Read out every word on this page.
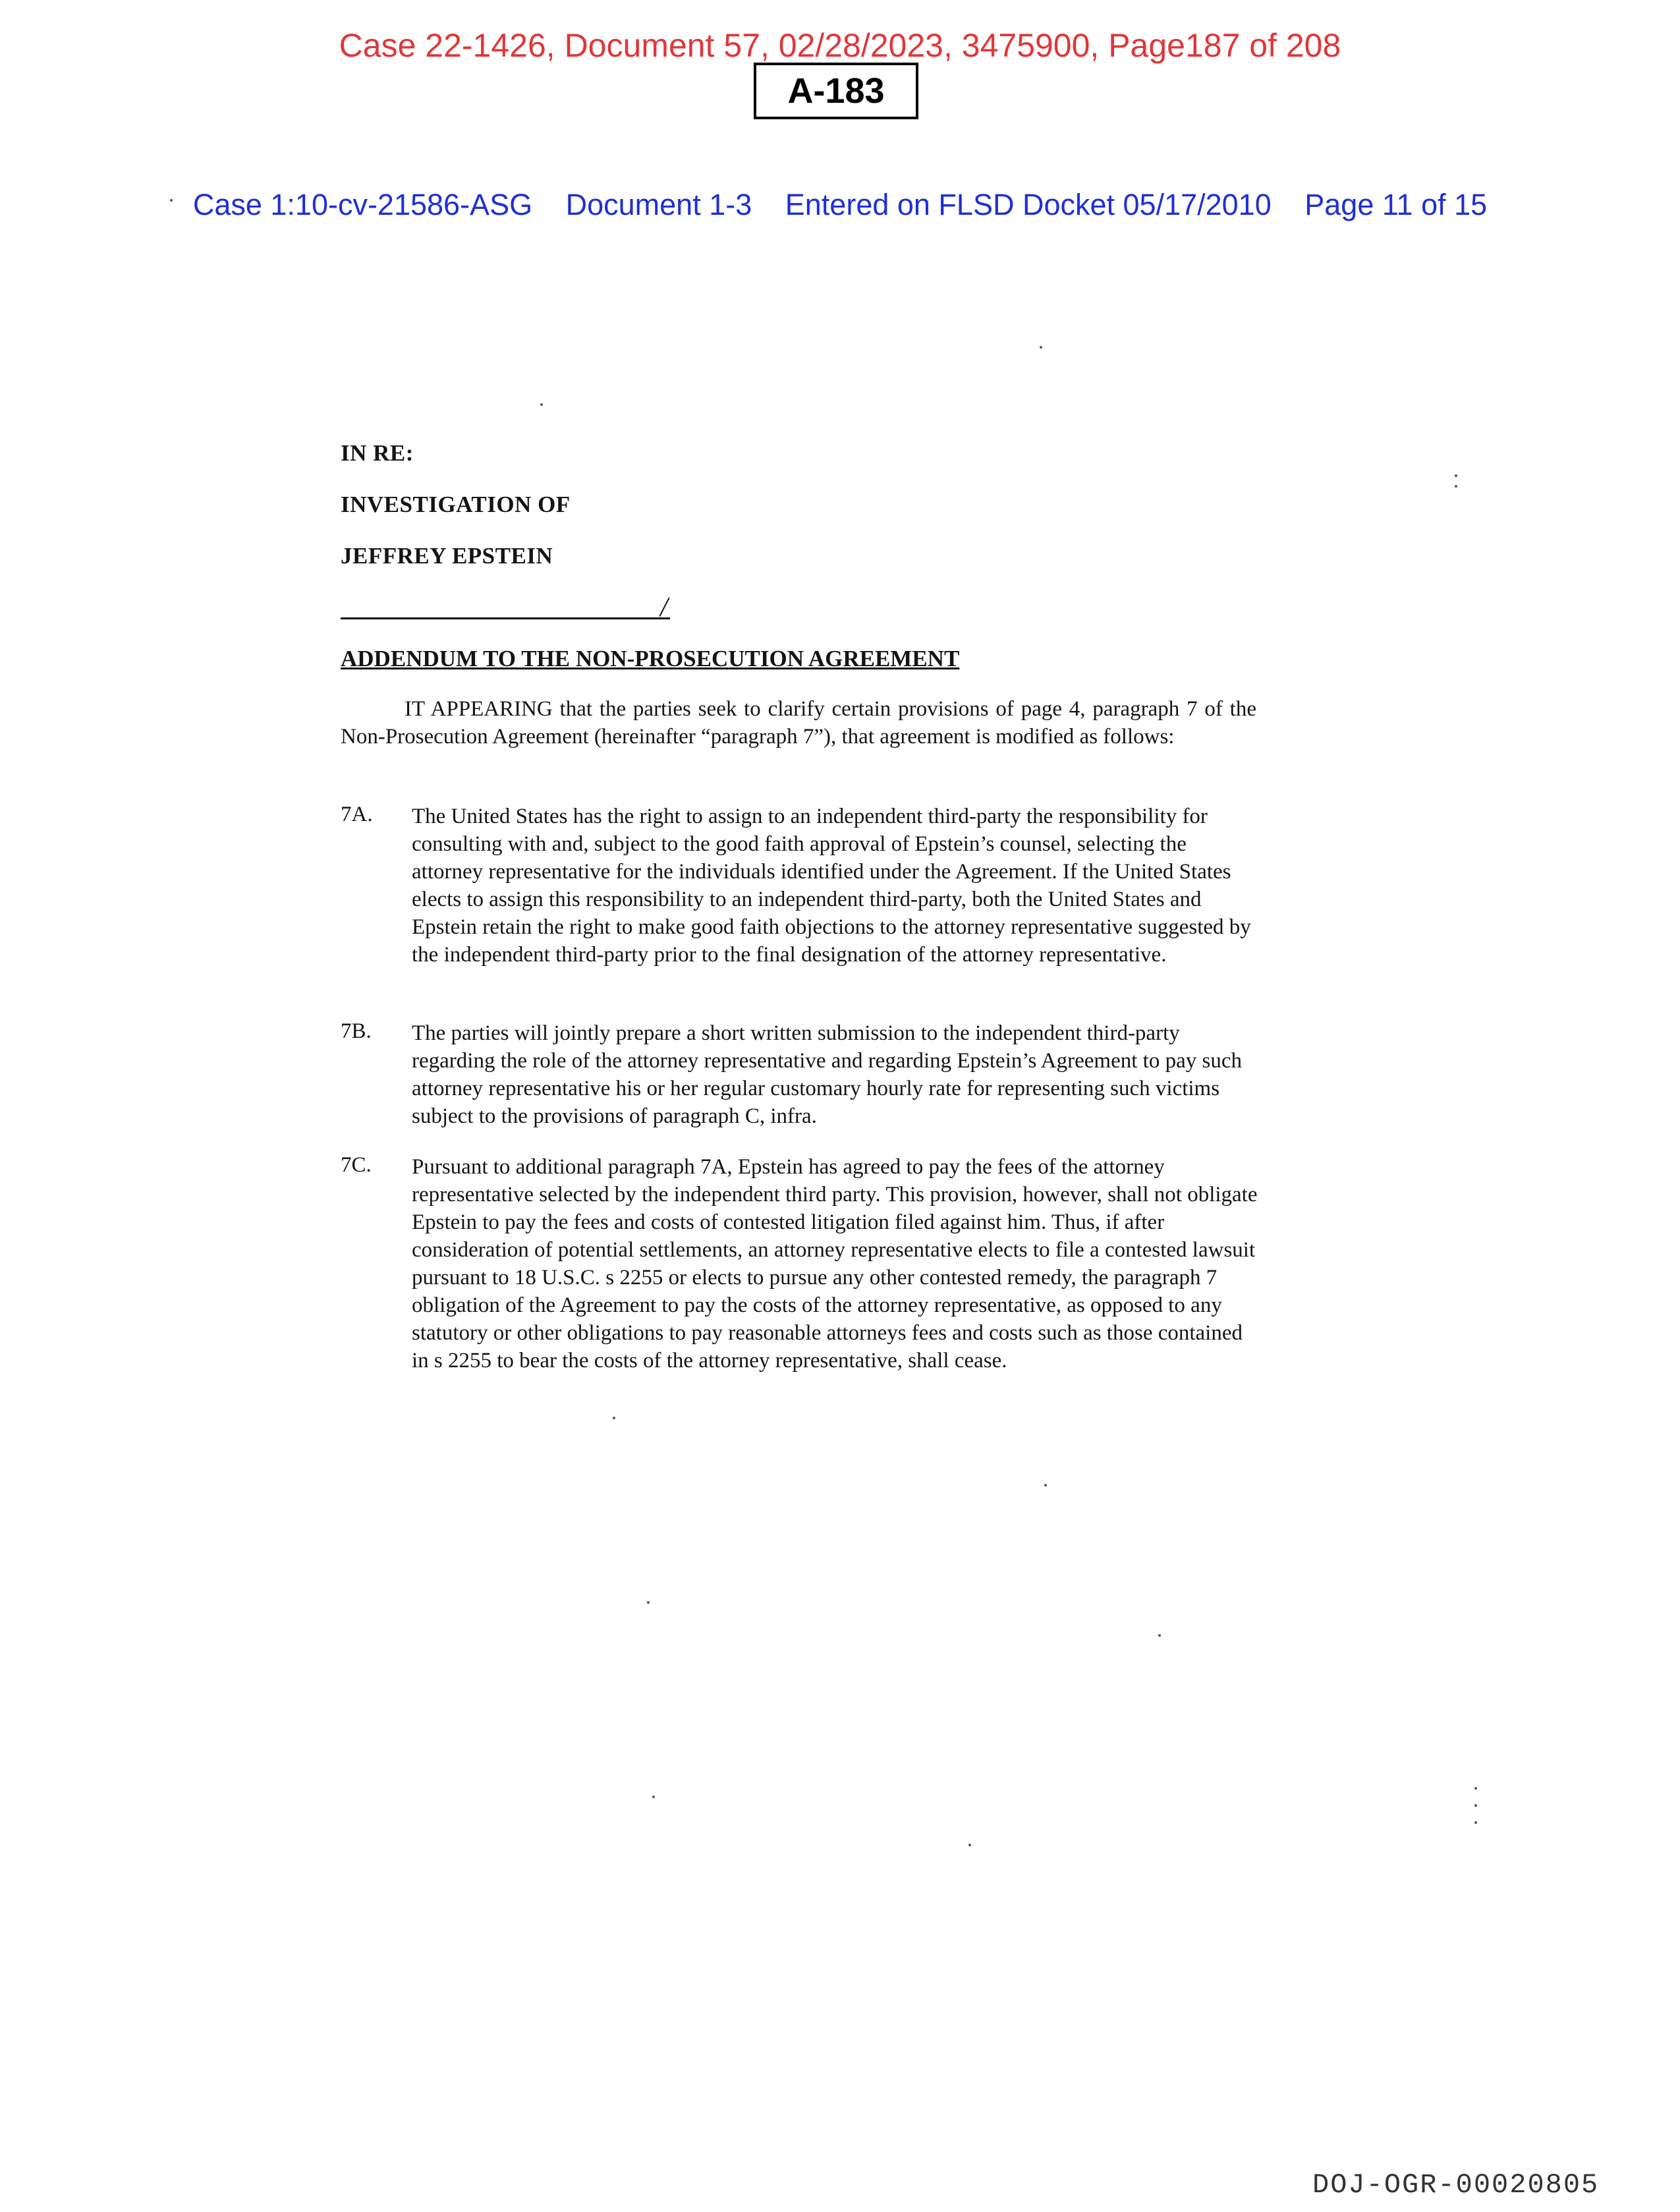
Case 22-1426, Document 57, 02/28/2023, 3475900, Page187 of 208
A-183
Case 1:10-cv-21586-ASG Document 1-3 Entered on FLSD Docket 05/17/2010 Page 11 of 15
IN RE:
INVESTIGATION OF
JEFFREY EPSTEIN
/
ADDENDUM TO THE NON-PROSECUTION AGREEMENT
IT APPEARING that the parties seek to clarify certain provisions of page 4, paragraph 7 of the Non-Prosecution Agreement (hereinafter “paragraph 7”), that agreement is modified as follows:
7A. The United States has the right to assign to an independent third-party the responsibility for consulting with and, subject to the good faith approval of Epstein’s counsel, selecting the attorney representative for the individuals identified under the Agreement. If the United States elects to assign this responsibility to an independent third-party, both the United States and Epstein retain the right to make good faith objections to the attorney representative suggested by the independent third-party prior to the final designation of the attorney representative.
7B. The parties will jointly prepare a short written submission to the independent third-party regarding the role of the attorney representative and regarding Epstein’s Agreement to pay such attorney representative his or her regular customary hourly rate for representing such victims subject to the provisions of paragraph C, infra.
7C. Pursuant to additional paragraph 7A, Epstein has agreed to pay the fees of the attorney representative selected by the independent third party. This provision, however, shall not obligate Epstein to pay the fees and costs of contested litigation filed against him. Thus, if after consideration of potential settlements, an attorney representative elects to file a contested lawsuit pursuant to 18 U.S.C. s 2255 or elects to pursue any other contested remedy, the paragraph 7 obligation of the Agreement to pay the costs of the attorney representative, as opposed to any statutory or other obligations to pay reasonable attorneys fees and costs such as those contained in s 2255 to bear the costs of the attorney representative, shall cease.
DOJ-OGR-00020805
